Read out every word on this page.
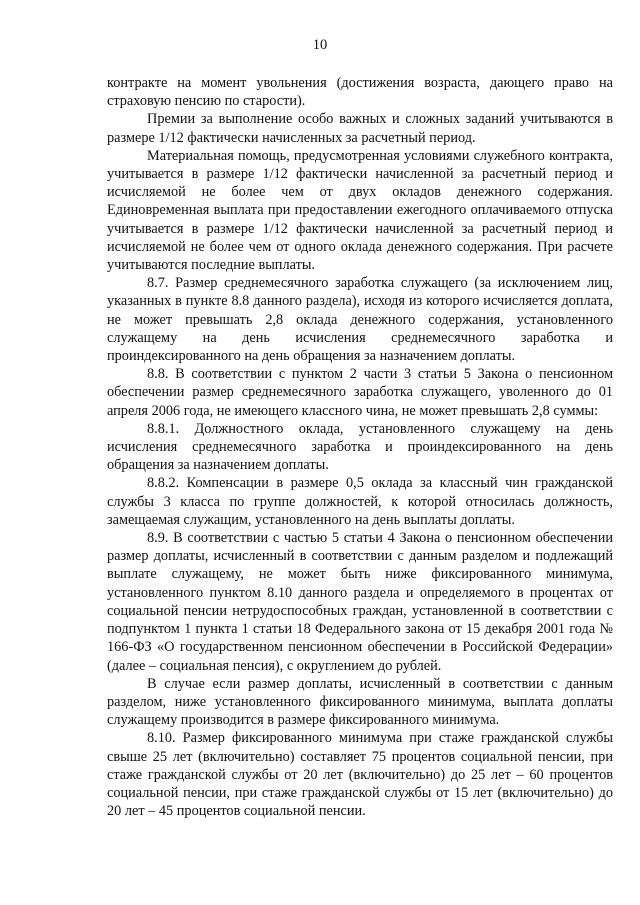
10

контракте на момент увольнения (достижения возраста, дающего право на страховую пенсию по старости).

Премии за выполнение особо важных и сложных заданий учитываются в размере 1/12 фактически начисленных за расчетный период.

Материальная помощь, предусмотренная условиями служебного контракта, учитывается в размере 1/12 фактически начисленной за расчетный период и исчисляемой не более чем от двух окладов денежного содержания. Единовременная выплата при предоставлении ежегодного оплачиваемого отпуска учитывается в размере 1/12 фактически начисленной за расчетный период и исчисляемой не более чем от одного оклада денежного содержания. При расчете учитываются последние выплаты.

8.7. Размер среднемесячного заработка служащего (за исключением лиц, указанных в пункте 8.8 данного раздела), исходя из которого исчисляется доплата, не может превышать 2,8 оклада денежного содержания, установленного служащему на день исчисления среднемесячного заработка и проиндексированного на день обращения за назначением доплаты.

8.8. В соответствии с пунктом 2 части 3 статьи 5 Закона о пенсионном обеспечении размер среднемесячного заработка служащего, уволенного до 01 апреля 2006 года, не имеющего классного чина, не может превышать 2,8 суммы:

8.8.1. Должностного оклада, установленного служащему на день исчисления среднемесячного заработка и проиндексированного на день обращения за назначением доплаты.

8.8.2. Компенсации в размере 0,5 оклада за классный чин гражданской службы 3 класса по группе должностей, к которой относилась должность, замещаемая служащим, установленного на день выплаты доплаты.

8.9. В соответствии с частью 5 статьи 4 Закона о пенсионном обеспечении размер доплаты, исчисленный в соответствии с данным разделом и подлежащий выплате служащему, не может быть ниже фиксированного минимума, установленного пунктом 8.10 данного раздела и определяемого в процентах от социальной пенсии нетрудоспособных граждан, установленной в соответствии с подпунктом 1 пункта 1 статьи 18 Федерального закона от 15 декабря 2001 года № 166-ФЗ «О государственном пенсионном обеспечении в Российской Федерации» (далее – социальная пенсия), с округлением до рублей.

В случае если размер доплаты, исчисленный в соответствии с данным разделом, ниже установленного фиксированного минимума, выплата доплаты служащему производится в размере фиксированного минимума.

8.10. Размер фиксированного минимума при стаже гражданской службы свыше 25 лет (включительно) составляет 75 процентов социальной пенсии, при стаже гражданской службы от 20 лет (включительно) до 25 лет – 60 процентов социальной пенсии, при стаже гражданской службы от 15 лет (включительно) до 20 лет – 45 процентов социальной пенсии.
